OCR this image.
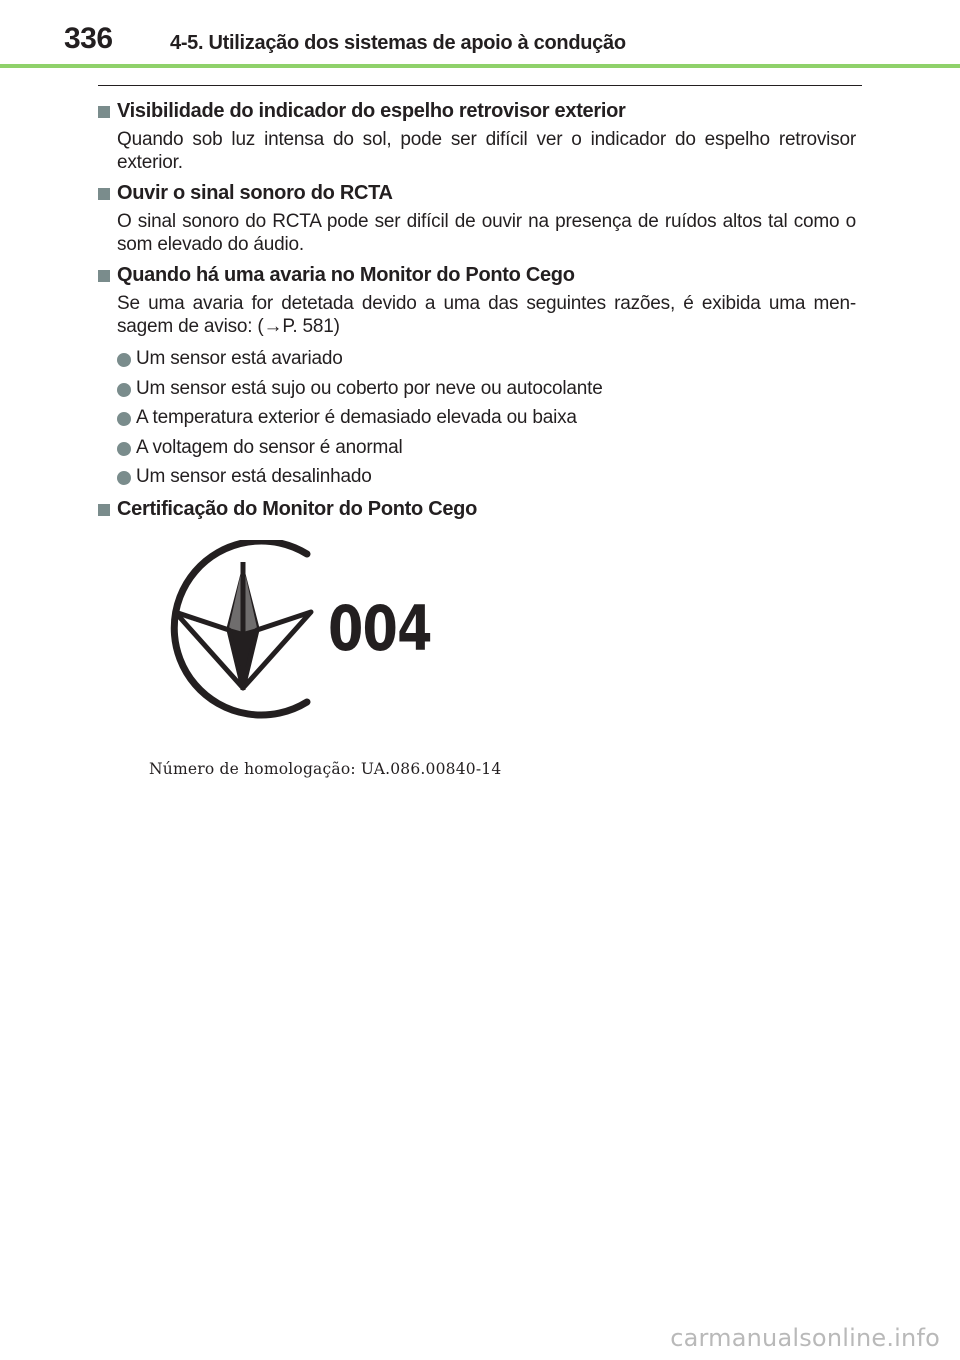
336	4-5. Utilização dos sistemas de apoio à condução
Visibilidade do indicador do espelho retrovisor exterior

Quando sob luz intensa do sol, pode ser difícil ver o indicador do espelho retrovisor exterior.

Ouvir o sinal sonoro do RCTA

O sinal sonoro do RCTA pode ser difícil de ouvir na presença de ruídos altos tal como o som elevado do áudio.

Quando há uma avaria no Monitor do Ponto Cego

Se uma avaria for detetada devido a uma das seguintes razões, é exibida uma men-sagem de aviso: (→P. 581)

Um sensor está avariado
Um sensor está sujo ou coberto por neve ou autocolante
A temperatura exterior é demasiado elevada ou baixa
A voltagem do sensor é anormal
Um sensor está desalinhado
Certificação do Monitor do Ponto Cego
004
Número de homologação: UA.086.00840-14
carmanualsonline.info
